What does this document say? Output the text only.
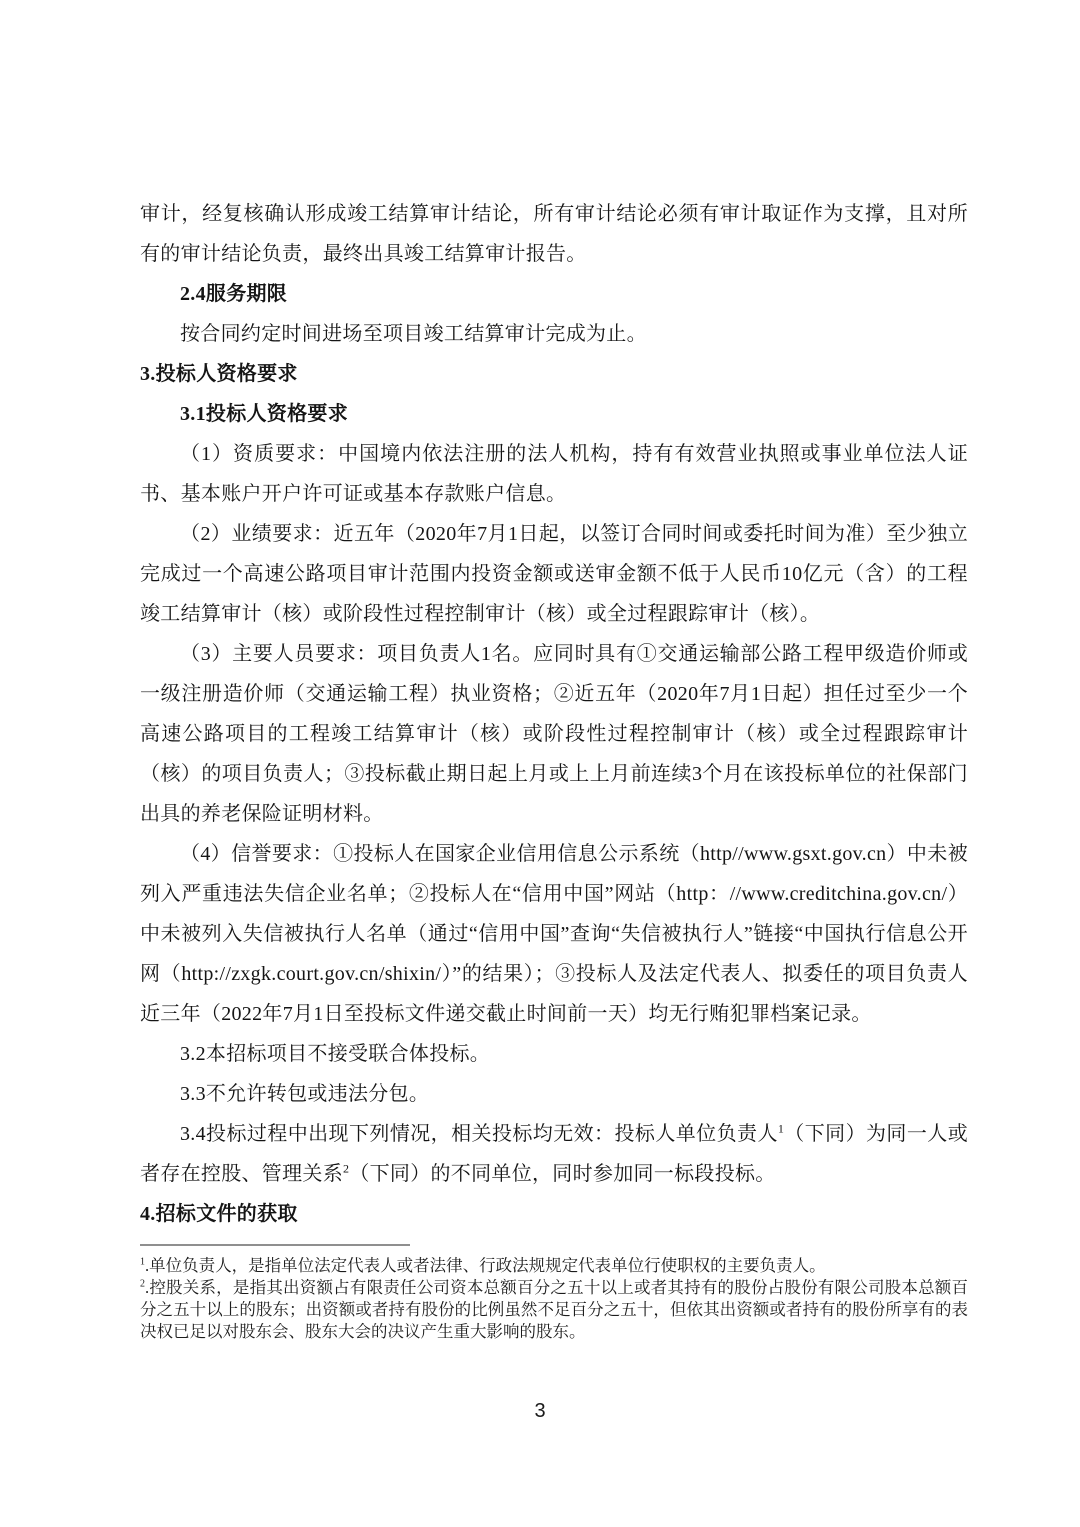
审计，经复核确认形成竣工结算审计结论，所有审计结论必须有审计取证作为支撑，且对所有的审计结论负责，最终出具竣工结算审计报告。

2.4服务期限

按合同约定时间进场至项目竣工结算审计完成为止。

3.投标人资格要求

3.1投标人资格要求

（1）资质要求：中国境内依法注册的法人机构，持有有效营业执照或事业单位法人证书、基本账户开户许可证或基本存款账户信息。

（2）业绩要求：近五年（2020年7月1日起，以签订合同时间或委托时间为准）至少独立完成过一个高速公路项目审计范围内投资金额或送审金额不低于人民币10亿元（含）的工程竣工结算审计（核）或阶段性过程控制审计（核）或全过程跟踪审计（核）。

（3）主要人员要求：项目负责人1名。应同时具有①交通运输部公路工程甲级造价师或一级注册造价师（交通运输工程）执业资格；②近五年（2020年7月1日起）担任过至少一个高速公路项目的工程竣工结算审计（核）或阶段性过程控制审计（核）或全过程跟踪审计（核）的项目负责人；③投标截止期日起上月或上上月前连续3个月在该投标单位的社保部门出具的养老保险证明材料。

（4）信誉要求：①投标人在国家企业信用信息公示系统（http//www.gsxt.gov.cn）中未被列入严重违法失信企业名单；②投标人在“信用中国”网站（http：//www.creditchina.gov.cn/）中未被列入失信被执行人名单（通过“信用中国”查询“失信被执行人”链接“中国执行信息公开网（http://zxgk.court.gov.cn/shixin/）”的结果）；③投标人及法定代表人、拟委任的项目负责人近三年（2022年7月1日至投标文件递交截止时间前一天）均无行贿犯罪档案记录。

3.2本招标项目不接受联合体投标。

3.3不允许转包或违法分包。

3.4投标过程中出现下列情况，相关投标均无效：投标人单位负责人$^1$（下同）为同一人或者存在控股、管理关系$^2$（下同）的不同单位，同时参加同一标段投标。

4.招标文件的获取

$^1$.单位负责人，是指单位法定代表人或者法律、行政法规规定代表单位行使职权的主要负责人。

$^2$.控股关系，是指其出资额占有限责任公司资本总额百分之五十以上或者其持有的股份占股份有限公司股本总额百分之五十以上的股东；出资额或者持有股份的比例虽然不足百分之五十，但依其出资额或者持有的股份所享有的表决权已足以对股东会、股东大会的决议产生重大影响的股东。

3
